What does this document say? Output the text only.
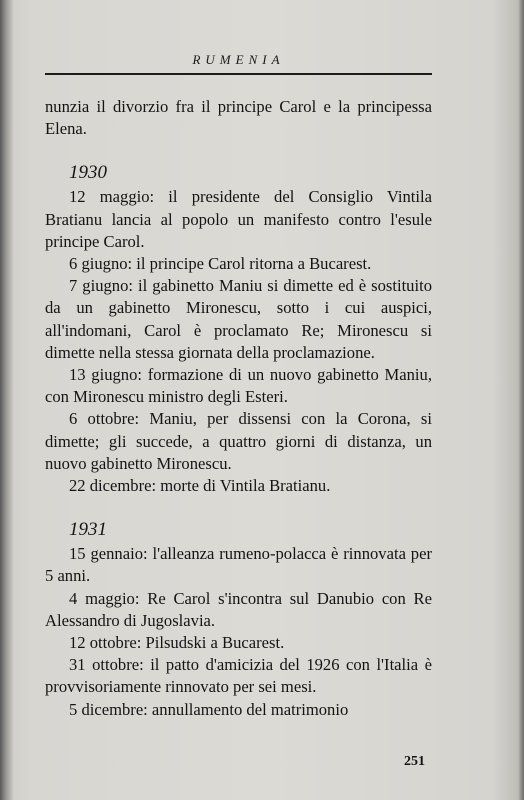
RUMENIA

nunzia il divorzio fra il principe Carol e la principessa Elena.

1930

12 maggio: il presidente del Consiglio Vintila Bratianu lancia al popolo un manifesto contro l'esule principe Carol.

6 giugno: il principe Carol ritorna a Bucarest.

7 giugno: il gabinetto Maniu si dimette ed è sostituito da un gabinetto Mironescu, sotto i cui auspici, all'indomani, Carol è proclamato Re; Mironescu si dimette nella stessa giornata della proclamazione.

13 giugno: formazione di un nuovo gabinetto Maniu, con Mironescu ministro degli Esteri.

6 ottobre: Maniu, per dissensi con la Corona, si dimette; gli succede, a quattro giorni di distanza, un nuovo gabinetto Mironescu.

22 dicembre: morte di Vintila Bratianu.

1931

15 gennaio: l'alleanza rumeno-polacca è rinnovata per 5 anni.

4 maggio: Re Carol s'incontra sul Danubio con Re Alessandro di Jugoslavia.

12 ottobre: Pilsudski a Bucarest.

31 ottobre: il patto d'amicizia del 1926 con l'Italia è provvisoriamente rinnovato per sei mesi.

5 dicembre: annullamento del matrimonio

251
